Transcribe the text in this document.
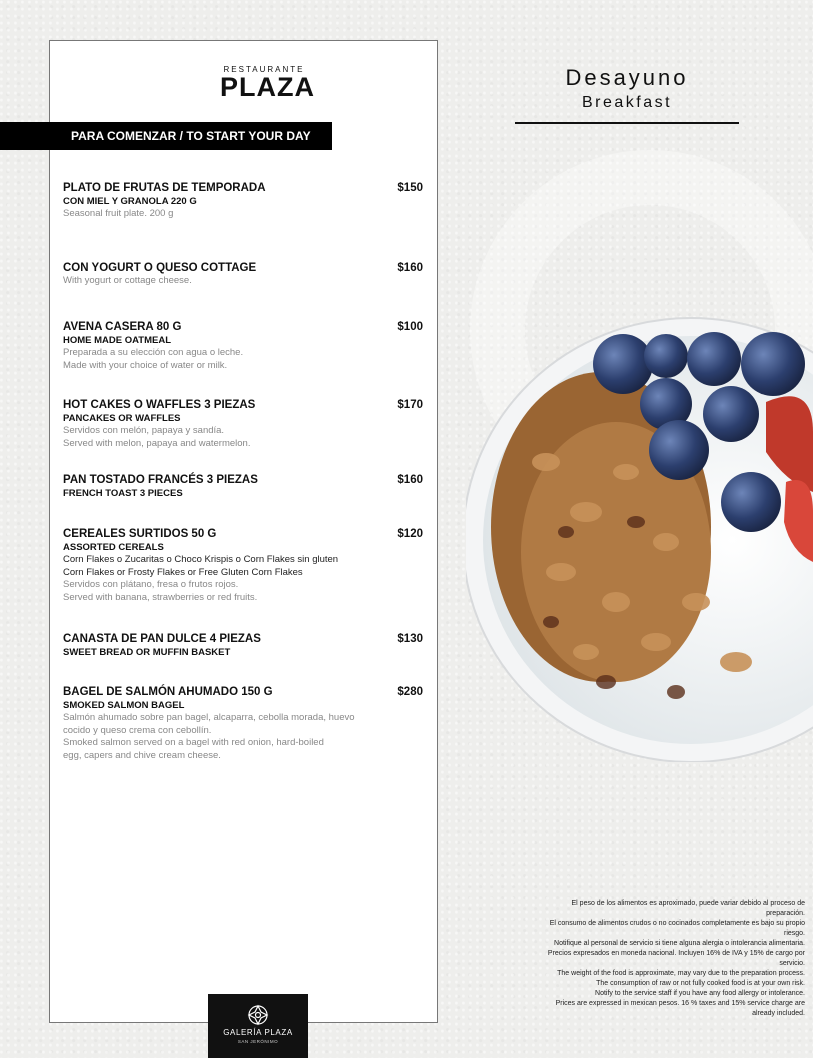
RESTAURANTE
PLAZA
PARA COMENZAR / TO START YOUR DAY
PLATO DE FRUTAS DE TEMPORADA	$150
CON MIEL Y GRANOLA 220 G
Seasonal fruit plate. 200 g
CON YOGURT O QUESO COTTAGE	$160
With yogurt or cottage cheese.
AVENA CASERA 80 G	$100
HOME MADE OATMEAL
Preparada a su elección con agua o leche.
Made with your choice of water or milk.
HOT CAKES O WAFFLES 3 PIEZAS	$170
PANCAKES OR WAFFLES
Servidos con melón, papaya y sandía.
Served with melon, papaya and watermelon.
PAN TOSTADO FRANCÉS 3 PIEZAS	$160
FRENCH TOAST 3 PIECES
CEREALES SURTIDOS 50 G	$120
ASSORTED CEREALS
Corn Flakes o Zucaritas o Choco Krispis o Corn Flakes sin gluten
Corn Flakes or Frosty Flakes or Free Gluten Corn Flakes
Servidos con plátano, fresa o frutos rojos.
Served with banana, strawberries or red fruits.
CANASTA DE PAN DULCE 4 PIEZAS	$130
SWEET BREAD OR MUFFIN BASKET
BAGEL DE SALMÓN AHUMADO 150 G	$280
SMOKED SALMON BAGEL
Salmón ahumado sobre pan bagel, alcaparra, cebolla morada, huevo
cocido y queso crema con cebollín.
Smoked salmon served on a bagel with red onion, hard-boiled
egg, capers and chive cream cheese.
GALERÍA PLAZA
SAN JERÓNIMO
Desayuno
Breakfast
El peso de los alimentos es aproximado, puede variar debido al proceso de
preparación.
El consumo de alimentos crudos o no cocinados completamente es bajo su propio
riesgo.
Notifique al personal de servicio si tiene alguna alergia o intolerancia alimentaria.
Precios expresados en moneda nacional. Incluyen 16% de IVA y 15% de cargo por
servicio.
The weight of the food is approximate, may vary due to the preparation process.
The consumption of raw or not fully cooked food is at your own risk.
Notify to the service staff if you have any food allergy or intolerance.
Prices are expressed in mexican pesos. 16 % taxes and 15% service charge are
already included.
